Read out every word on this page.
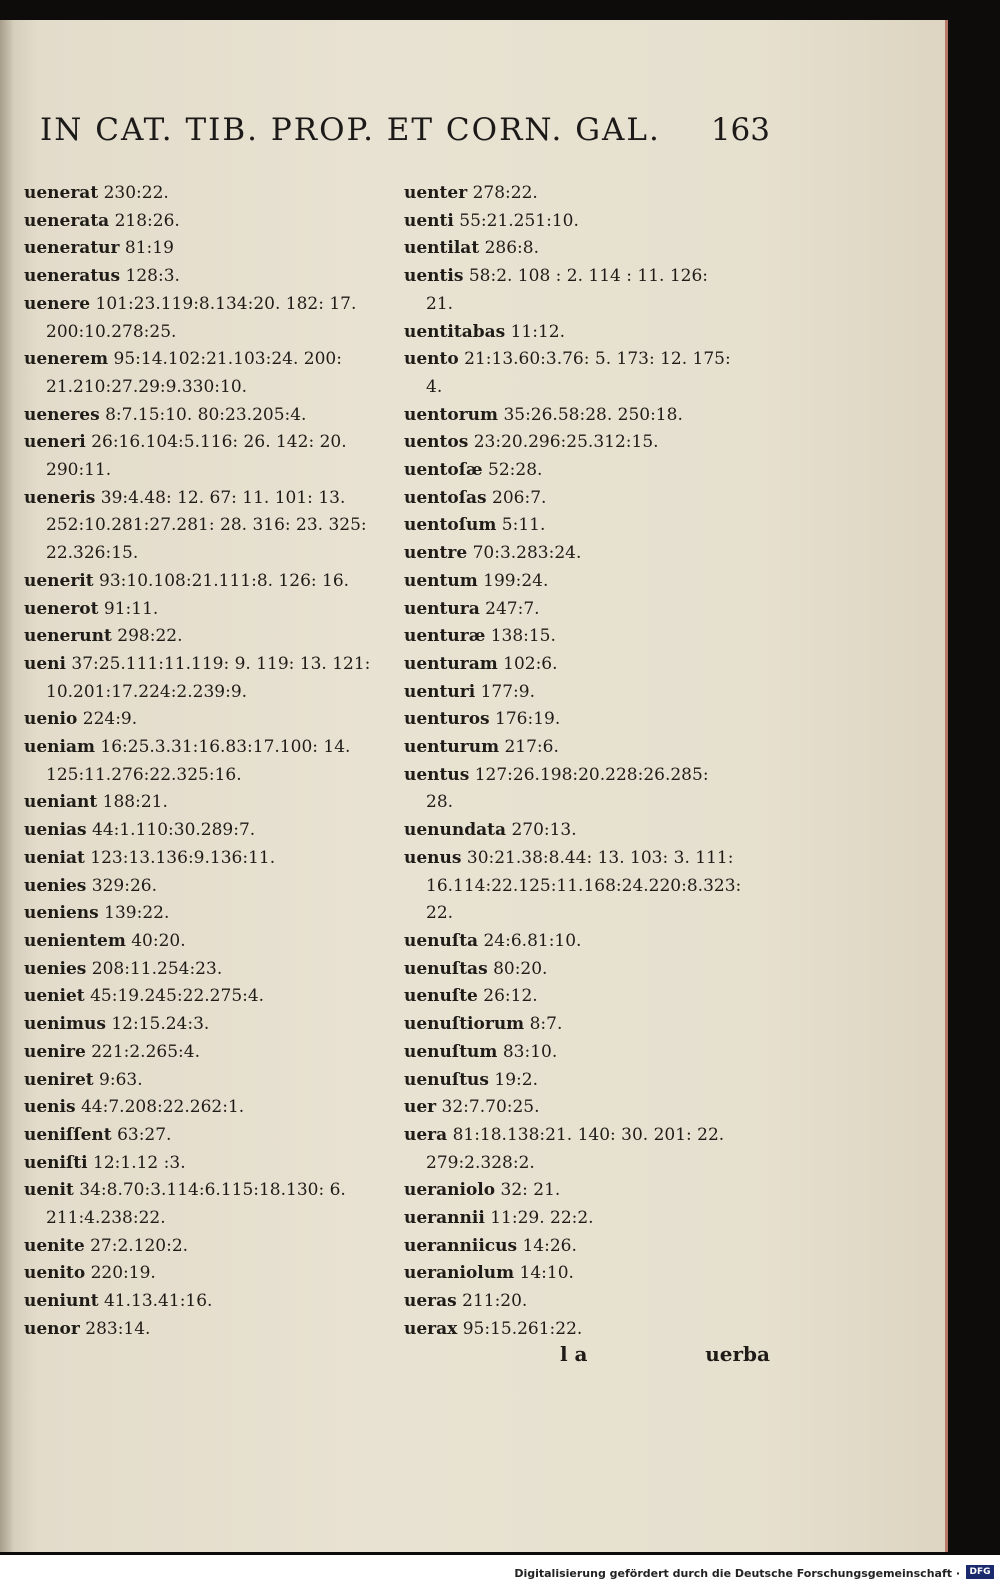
IN CAT. TIB. PROP. ET CORN. GAL. 163
uenerat 230:22.
uenerata 218:26.
ueneratur 81:19
ueneratus 128:3.
uenere 101:23.119:8.134:20. 182: 17.
200:10.278:25.
uenerem 95:14.102:21.103:24. 200:
21.210:27.29:9.330:10.
ueneres 8:7.15:10. 80:23.205:4.
ueneri 26:16.104:5.116: 26. 142: 20.
290:11.
ueneris 39:4.48: 12. 67: 11. 101: 13.
252:10.281:27.281: 28. 316: 23. 325:
22.326:15.
uenerit 93:10.108:21.111:8. 126: 16.
uenerot 91:11.
uenerunt 298:22.
ueni 37:25.111:11.119: 9. 119: 13. 121:
10.201:17.224:2.239:9.
uenio 224:9.
ueniam 16:25.3.31:16.83:17.100: 14.
125:11.276:22.325:16.
ueniant 188:21.
uenias 44:1.110:30.289:7.
ueniat 123:13.136:9.136:11.
uenies 329:26.
ueniens 139:22.
uenientem 40:20.
uenies 208:11.254:23.
ueniet 45:19.245:22.275:4.
uenimus 12:15.24:3.
uenire 221:2.265:4.
ueniret 9:63.
uenis 44:7.208:22.262:1.
ueniſſent 63:27.
ueniſti 12:1.12 :3.
uenit 34:8.70:3.114:6.115:18.130: 6.
211:4.238:22.
uenite 27:2.120:2.
uenito 220:19.
ueniunt 41.13.41:16.
uenor 283:14.
uenter 278:22.
uenti 55:21.251:10.
uentilat 286:8.
uentis 58:2. 108 : 2. 114 : 11. 126:
21.
uentitabas 11:12.
uento 21:13.60:3.76: 5. 173: 12. 175:
4.
uentorum 35:26.58:28. 250:18.
uentos 23:20.296:25.312:15.
uentoſæ 52:28.
uentoſas 206:7.
uentoſum 5:11.
uentre 70:3.283:24.
uentum 199:24.
uentura 247:7.
uenturæ 138:15.
uenturam 102:6.
uenturi 177:9.
uenturos 176:19.
uenturum 217:6.
uentus 127:26.198:20.228:26.285:
28.
uenundata 270:13.
uenus 30:21.38:8.44: 13. 103: 3. 111:
16.114:22.125:11.168:24.220:8.323:
22.
uenuſta 24:6.81:10.
uenuſtas 80:20.
uenuſte 26:12.
uenuſtiorum 8:7.
uenuſtum 83:10.
uenuſtus 19:2.
uer 32:7.70:25.
uera 81:18.138:21. 140: 30. 201: 22.
279:2.328:2.
ueraniolo 32: 21.
uerannii 11:29. 22:2.
ueranniicus 14:26.
ueraniolum 14:10.
ueras 211:20.
uerax 95:15.261:22.
l a	uerba
Digitalisierung gefördert durch die Deutsche Forschungsgemeinschaft ·	DFG
